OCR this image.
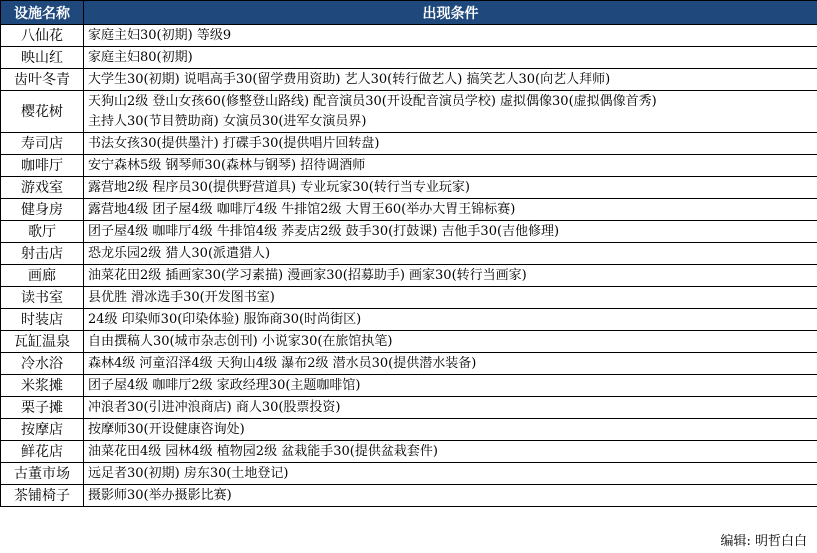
设施名称	出现条件
八仙花	家庭主妇30(初期) 等级9

映山红	家庭主妇80(初期)

齿叶冬青	大学生30(初期) 说唱高手30(留学费用资助) 艺人30(转行做艺人) 搞笑艺人30(向艺人拜师)

樱花树	天狗山2级 登山女孩60(修整登山路线) 配音演员30(开设配音演员学校) 虚拟偶像30(虚拟偶像首秀)
主持人30(节目赞助商) 女演员30(进军女演员界)

寿司店	书法女孩30(提供墨汁) 打碟手30(提供唱片回转盘)

咖啡厅	安宁森林5级 钢琴师30(森林与钢琴) 招待调酒师

游戏室	露营地2级 程序员30(提供野营道具) 专业玩家30(转行当专业玩家)

健身房	露营地4级 团子屋4级 咖啡厅4级 牛排馆2级 大胃王60(举办大胃王锦标赛)

歌厅	团子屋4级 咖啡厅4级 牛排馆4级 荞麦店2级 鼓手30(打鼓课) 吉他手30(吉他修理)

射击店	恐龙乐园2级 猎人30(派遣猎人)

画廊	油菜花田2级 插画家30(学习素描) 漫画家30(招募助手) 画家30(转行当画家)

读书室	县优胜 滑冰选手30(开发图书室)

时装店	24级 印染师30(印染体验) 服饰商30(时尚街区)

瓦缸温泉	自由撰稿人30(城市杂志创刊) 小说家30(在旅馆执笔)

冷水浴	森林4级 河童沼泽4级 天狗山4级 瀑布2级 潜水员30(提供潜水装备)

米浆摊	团子屋4级 咖啡厅2级 家政经理30(主题咖啡馆)

栗子摊	冲浪者30(引进冲浪商店) 商人30(股票投资)

按摩店	按摩师30(开设健康咨询处)

鲜花店	油菜花田4级 园林4级 植物园2级 盆栽能手30(提供盆栽套件)

古董市场	远足者30(初期) 房东30(土地登记)

茶铺椅子	摄影师30(举办摄影比赛)
编辑: 明哲白白
